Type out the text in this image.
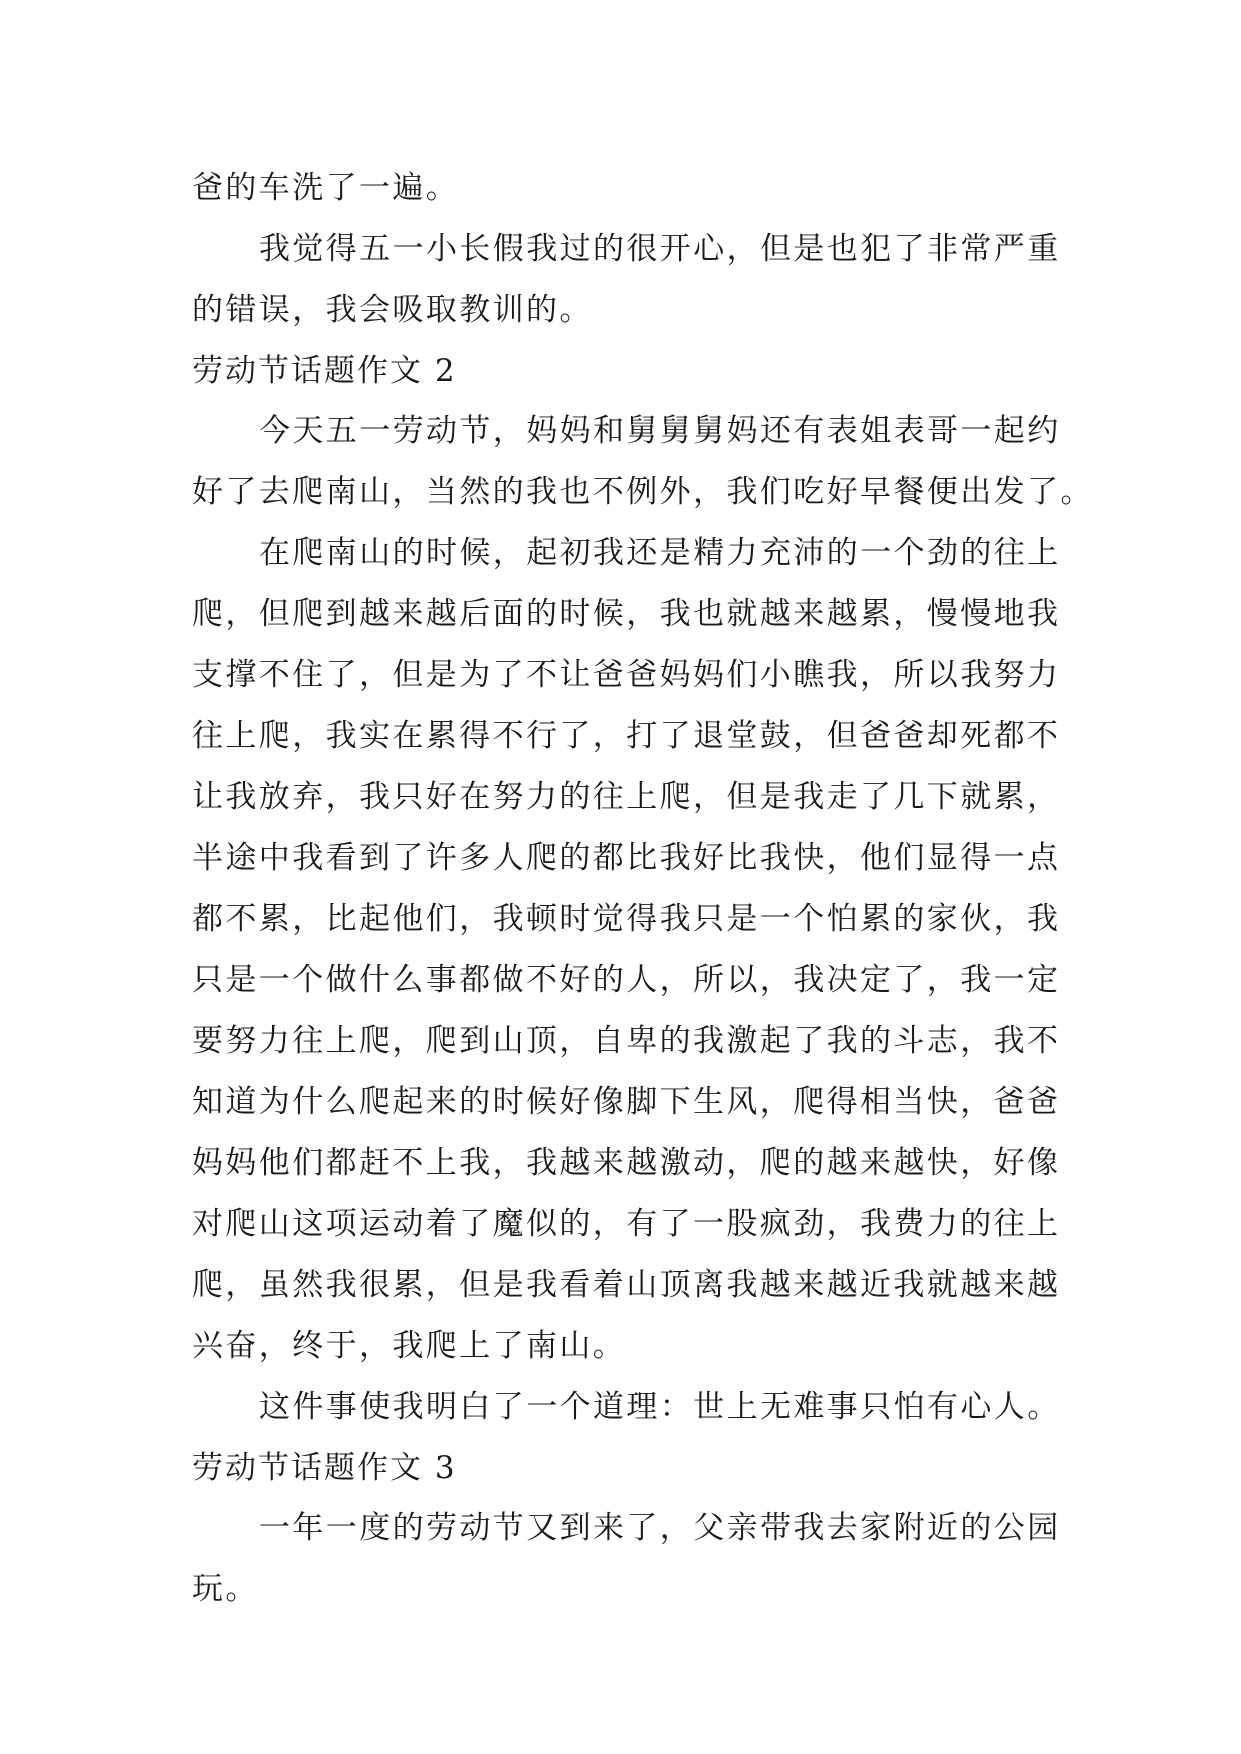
爸的车洗了一遍。
我觉得五一小长假我过的很开心，但是也犯了非常严重
的错误，我会吸取教训的。
劳动节话题作文 2
今天五一劳动节，妈妈和舅舅舅妈还有表姐表哥一起约
好了去爬南山，当然的我也不例外，我们吃好早餐便出发了。
在爬南山的时候，起初我还是精力充沛的一个劲的往上
爬，但爬到越来越后面的时候，我也就越来越累，慢慢地我
支撑不住了，但是为了不让爸爸妈妈们小瞧我，所以我努力
往上爬，我实在累得不行了，打了退堂鼓，但爸爸却死都不
让我放弃，我只好在努力的往上爬，但是我走了几下就累，
半途中我看到了许多人爬的都比我好比我快，他们显得一点
都不累，比起他们，我顿时觉得我只是一个怕累的家伙，我
只是一个做什么事都做不好的人，所以，我决定了，我一定
要努力往上爬，爬到山顶，自卑的我激起了我的斗志，我不
知道为什么爬起来的时候好像脚下生风，爬得相当快，爸爸
妈妈他们都赶不上我，我越来越激动，爬的越来越快，好像
对爬山这项运动着了魔似的，有了一股疯劲，我费力的往上
爬，虽然我很累，但是我看着山顶离我越来越近我就越来越
兴奋，终于，我爬上了南山。
这件事使我明白了一个道理：世上无难事只怕有心人。
劳动节话题作文 3
一年一度的劳动节又到来了，父亲带我去家附近的公园
玩。
